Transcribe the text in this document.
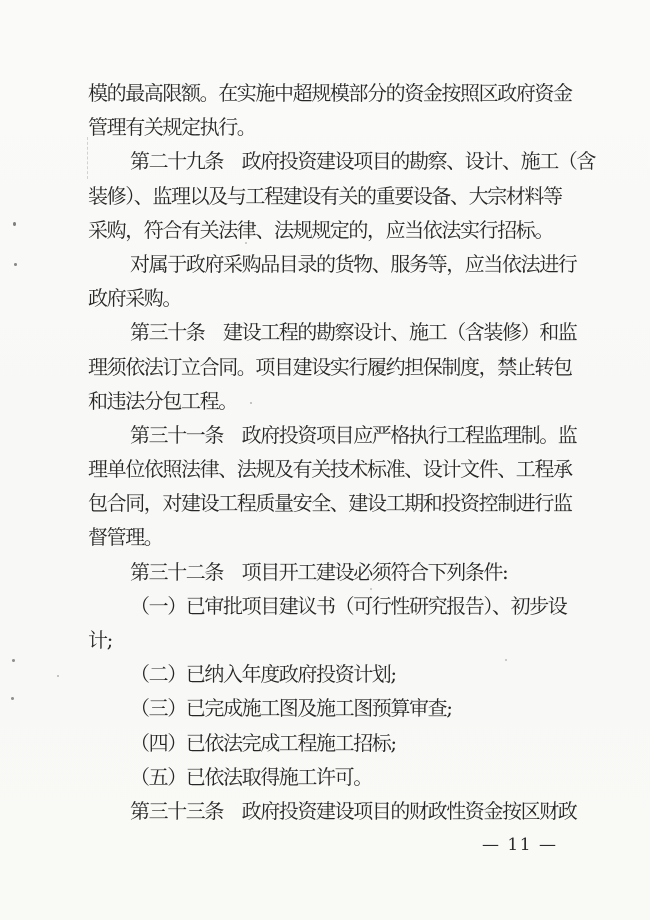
模的最高限额。在实施中超规模部分的资金按照区政府资金
管理有关规定执行。
第二十九条　政府投资建设项目的勘察、设计、施工（含
装修）、监理以及与工程建设有关的重要设备、大宗材料等
采购，符合有关法律、法规规定的，应当依法实行招标。
对属于政府采购品目录的货物、服务等，应当依法进行
政府采购。
第三十条　建设工程的勘察设计、施工（含装修）和监
理须依法订立合同。项目建设实行履约担保制度，禁止转包
和违法分包工程。
第三十一条　政府投资项目应严格执行工程监理制。监
理单位依照法律、法规及有关技术标准、设计文件、工程承
包合同，对建设工程质量安全、建设工期和投资控制进行监
督管理。
第三十二条　项目开工建设必须符合下列条件:
（一）已审批项目建议书（可行性研究报告）、初步设
计;
（二）已纳入年度政府投资计划;
（三）已完成施工图及施工图预算审查;
（四）已依法完成工程施工招标;
（五）已依法取得施工许可。
第三十三条　政府投资建设项目的财政性资金按区财政
— 11 —
